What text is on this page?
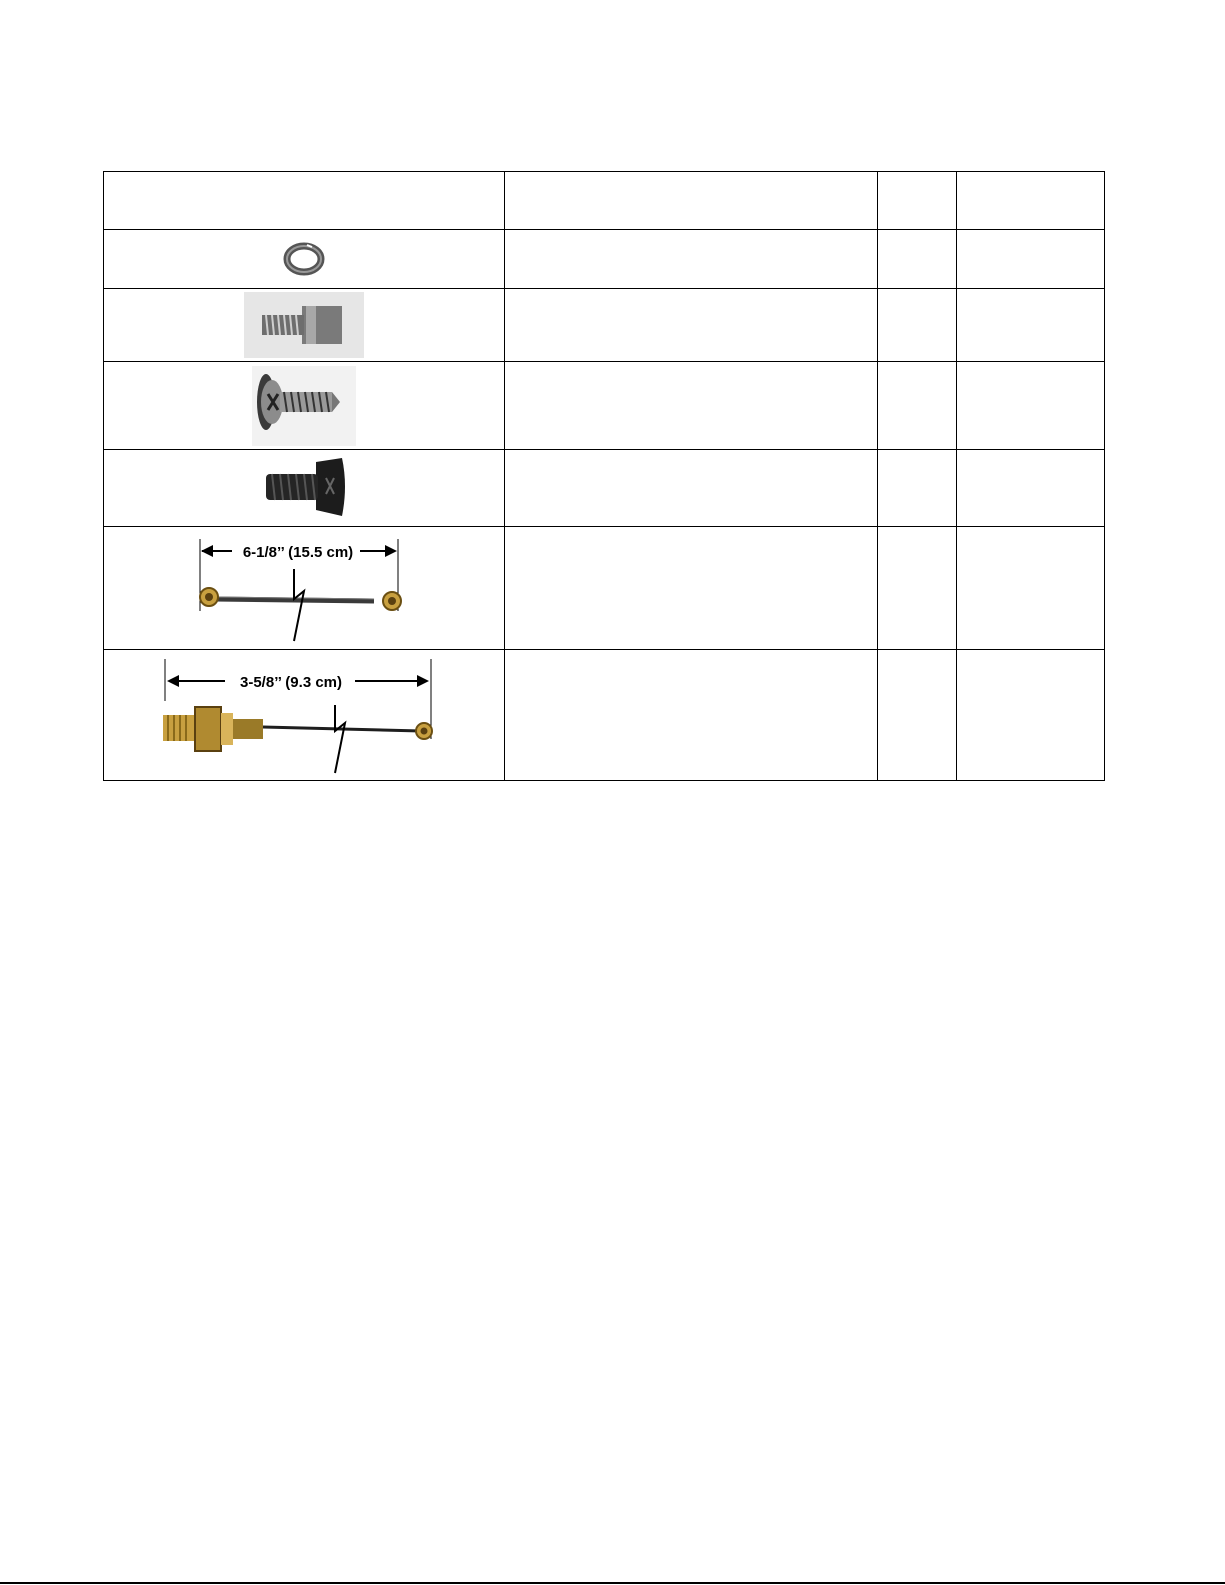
6-1/8’’ (15.5 cm)			

3-5/8’’ (9.3 cm)			
